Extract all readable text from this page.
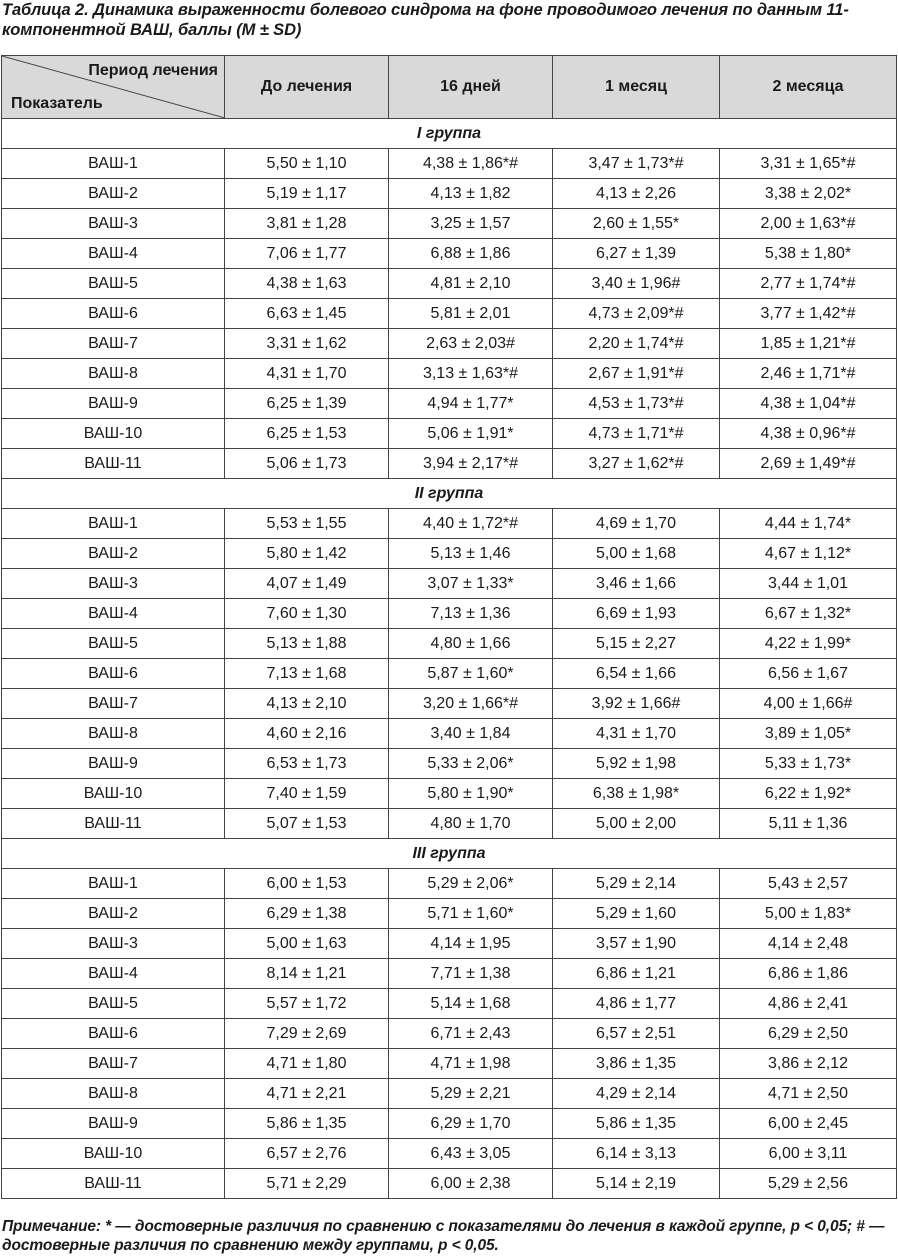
Таблица 2. Динамика выраженности болевого синдрома на фоне проводимого лечения по данным 11-компонентной ВАШ, баллы (M ± SD)
Период лечения
Показатель	До лечения	16 дней	1 месяц	2 месяца
I группа				
ВАШ-1	5,50 ± 1,10	4,38 ± 1,86*#	3,47 ± 1,73*#	3,31 ± 1,65*#
ВАШ-2	5,19 ± 1,17	4,13 ± 1,82	4,13 ± 2,26	3,38 ± 2,02*
ВАШ-3	3,81 ± 1,28	3,25 ± 1,57	2,60 ± 1,55*	2,00 ± 1,63*#
ВАШ-4	7,06 ± 1,77	6,88 ± 1,86	6,27 ± 1,39	5,38 ± 1,80*
ВАШ-5	4,38 ± 1,63	4,81 ± 2,10	3,40 ± 1,96#	2,77 ± 1,74*#
ВАШ-6	6,63 ± 1,45	5,81 ± 2,01	4,73 ± 2,09*#	3,77 ± 1,42*#
ВАШ-7	3,31 ± 1,62	2,63 ± 2,03#	2,20 ± 1,74*#	1,85 ± 1,21*#
ВАШ-8	4,31 ± 1,70	3,13 ± 1,63*#	2,67 ± 1,91*#	2,46 ± 1,71*#
ВАШ-9	6,25 ± 1,39	4,94 ± 1,77*	4,53 ± 1,73*#	4,38 ± 1,04*#
ВАШ-10	6,25 ± 1,53	5,06 ± 1,91*	4,73 ± 1,71*#	4,38 ± 0,96*#
ВАШ-11	5,06 ± 1,73	3,94 ± 2,17*#	3,27 ± 1,62*#	2,69 ± 1,49*#
II группа				
ВАШ-1	5,53 ± 1,55	4,40 ± 1,72*#	4,69 ± 1,70	4,44 ± 1,74*
ВАШ-2	5,80 ± 1,42	5,13 ± 1,46	5,00 ± 1,68	4,67 ± 1,12*
ВАШ-3	4,07 ± 1,49	3,07 ± 1,33*	3,46 ± 1,66	3,44 ± 1,01
ВАШ-4	7,60 ± 1,30	7,13 ± 1,36	6,69 ± 1,93	6,67 ± 1,32*
ВАШ-5	5,13 ± 1,88	4,80 ± 1,66	5,15 ± 2,27	4,22 ± 1,99*
ВАШ-6	7,13 ± 1,68	5,87 ± 1,60*	6,54 ± 1,66	6,56 ± 1,67
ВАШ-7	4,13 ± 2,10	3,20 ± 1,66*#	3,92 ± 1,66#	4,00 ± 1,66#
ВАШ-8	4,60 ± 2,16	3,40 ± 1,84	4,31 ± 1,70	3,89 ± 1,05*
ВАШ-9	6,53 ± 1,73	5,33 ± 2,06*	5,92 ± 1,98	5,33 ± 1,73*
ВАШ-10	7,40 ± 1,59	5,80 ± 1,90*	6,38 ± 1,98*	6,22 ± 1,92*
ВАШ-11	5,07 ± 1,53	4,80 ± 1,70	5,00 ± 2,00	5,11 ± 1,36
III группа				
ВАШ-1	6,00 ± 1,53	5,29 ± 2,06*	5,29 ± 2,14	5,43 ± 2,57
ВАШ-2	6,29 ± 1,38	5,71 ± 1,60*	5,29 ± 1,60	5,00 ± 1,83*
ВАШ-3	5,00 ± 1,63	4,14 ± 1,95	3,57 ± 1,90	4,14 ± 2,48
ВАШ-4	8,14 ± 1,21	7,71 ± 1,38	6,86 ± 1,21	6,86 ± 1,86
ВАШ-5	5,57 ± 1,72	5,14 ± 1,68	4,86 ± 1,77	4,86 ± 2,41
ВАШ-6	7,29 ± 2,69	6,71 ± 2,43	6,57 ± 2,51	6,29 ± 2,50
ВАШ-7	4,71 ± 1,80	4,71 ± 1,98	3,86 ± 1,35	3,86 ± 2,12
ВАШ-8	4,71 ± 2,21	5,29 ± 2,21	4,29 ± 2,14	4,71 ± 2,50
ВАШ-9	5,86 ± 1,35	6,29 ± 1,70	5,86 ± 1,35	6,00 ± 2,45
ВАШ-10	6,57 ± 2,76	6,43 ± 3,05	6,14 ± 3,13	6,00 ± 3,11
ВАШ-11	5,71 ± 2,29	6,00 ± 2,38	5,14 ± 2,19	5,29 ± 2,56
Примечание: * — достоверные различия по сравнению с показателями до лечения в каждой группе, p < 0,05; # — достоверные различия по сравнению между группами, p < 0,05.
